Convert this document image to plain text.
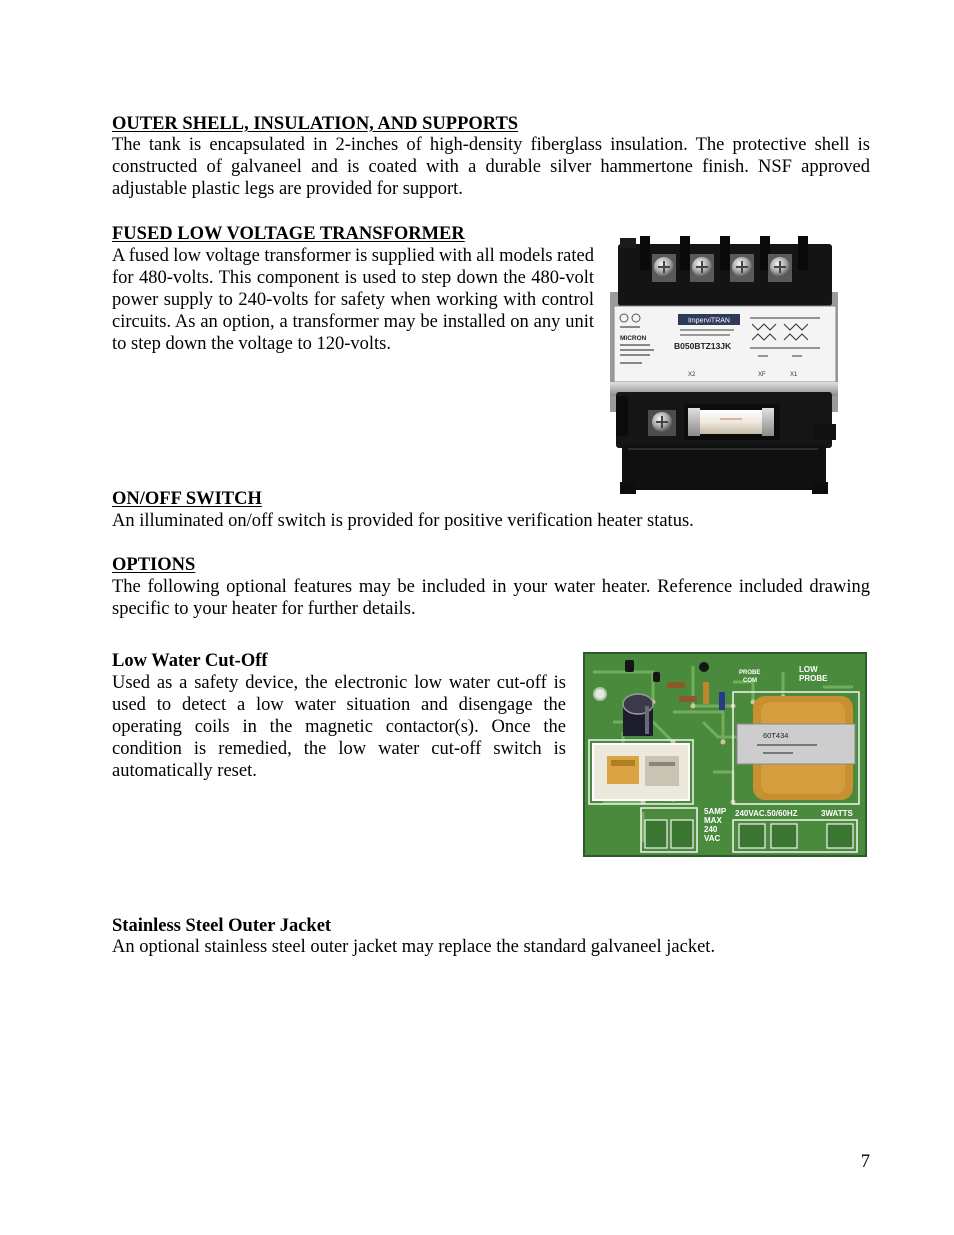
OUTER SHELL, INSULATION, AND SUPPORTS
The tank is encapsulated in 2-inches of high-density fiberglass insulation. The protective shell is
constructed of galvaneel and is coated with a durable silver hammertone finish. NSF approved
adjustable plastic legs are provided for support.
FUSED LOW VOLTAGE TRANSFORMER
A fused low voltage transformer is supplied with all models rated
for 480-volts. This component is used to step down the 480-volt
power supply to 240-volts for safety when working with control
circuits. As an option, a transformer may be installed on any unit
to step down the voltage to 120-volts.	MICRON
ImperviTRAN
B050BTZ13JK
X2	XF	X1
ON/OFF SWITCH
An illuminated on/off switch is provided for positive verification heater status.
OPTIONS
The following optional features may be included in your water heater. Reference included drawing
specific to your heater for further details.
Low Water Cut-Off
Used as a safety device, the electronic low water cut-off is
used to detect a low water situation and disengage the
operating coils in the magnetic contactor(s). Once the
condition is remedied, the low water cut-off switch is
automatically reset.
60T434
LOW
PROBE
PROBE
COM
5AMP
MAX
240
VAC
240VAC.50/60HZ	3WATTS
Stainless Steel Outer Jacket
An optional stainless steel outer jacket may replace the standard galvaneel jacket.
7
